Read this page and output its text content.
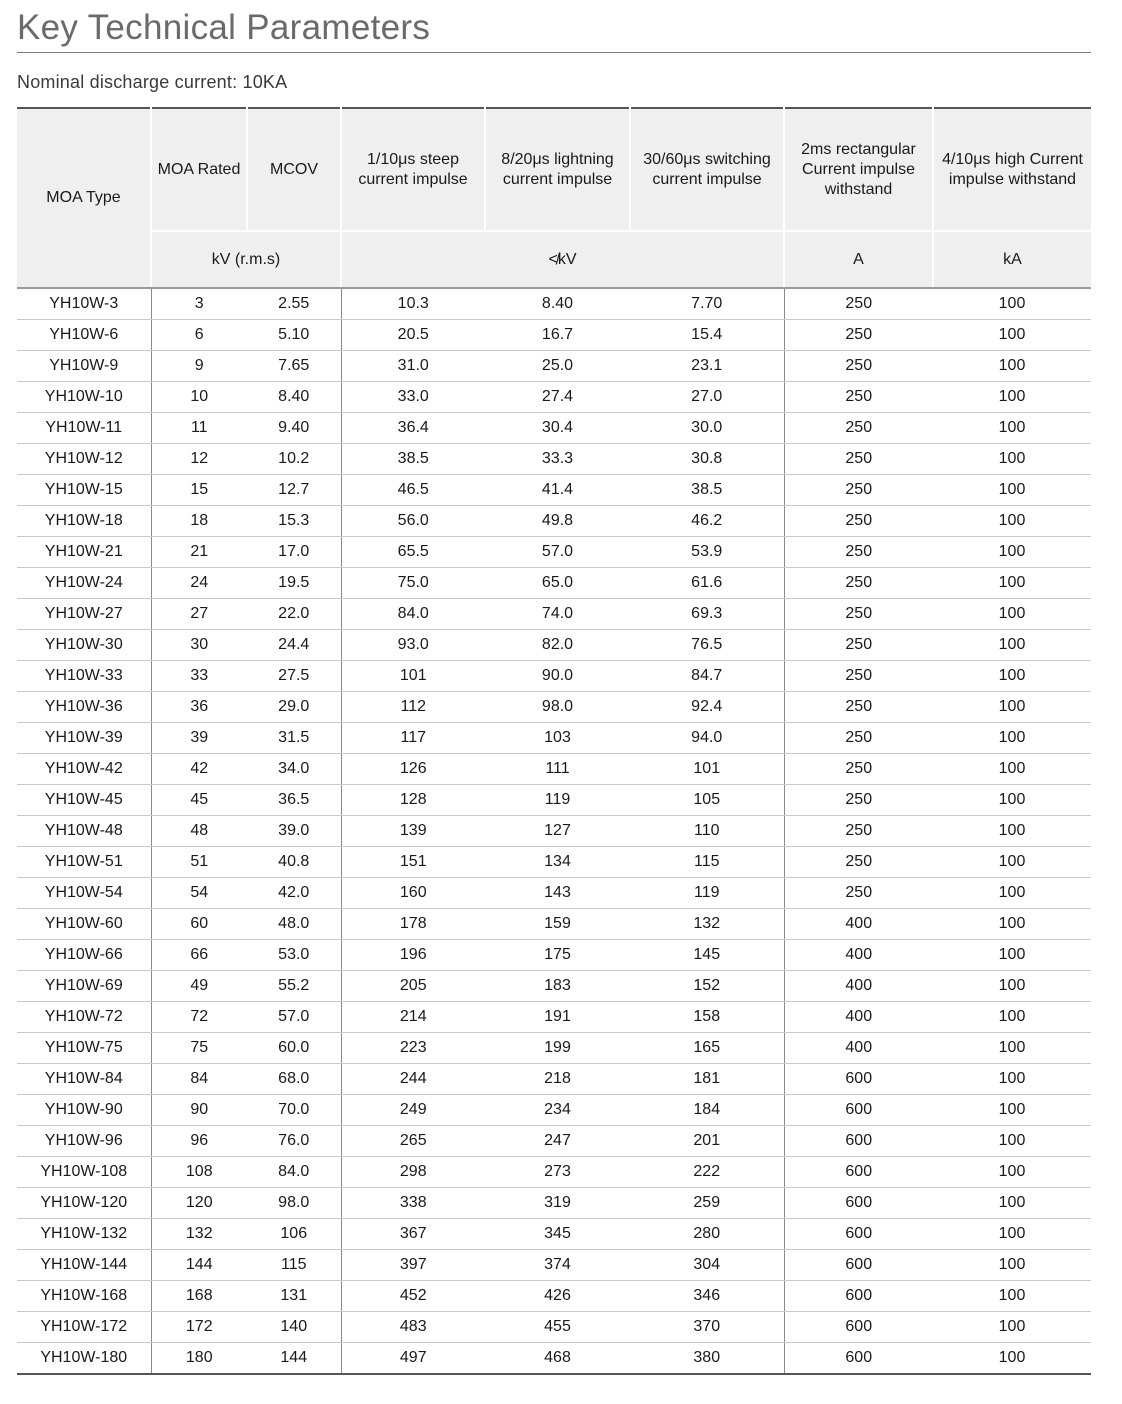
Key Technical Parameters
Nominal discharge current: 10KA
MOA Type	MOA Rated	MCOV	1/10μs steep current impulse	8/20μs lightning current impulse	30/60μs switching current impulse	2ms rectangular Current impulse withstand	4/10μs high Current impulse withstand
	kV (r.m.s)		≮kV			A	kA
YH10W-3	3	2.55	10.3	8.40	7.70	250	100
YH10W-6	6	5.10	20.5	16.7	15.4	250	100
YH10W-9	9	7.65	31.0	25.0	23.1	250	100
YH10W-10	10	8.40	33.0	27.4	27.0	250	100
YH10W-11	11	9.40	36.4	30.4	30.0	250	100
YH10W-12	12	10.2	38.5	33.3	30.8	250	100
YH10W-15	15	12.7	46.5	41.4	38.5	250	100
YH10W-18	18	15.3	56.0	49.8	46.2	250	100
YH10W-21	21	17.0	65.5	57.0	53.9	250	100
YH10W-24	24	19.5	75.0	65.0	61.6	250	100
YH10W-27	27	22.0	84.0	74.0	69.3	250	100
YH10W-30	30	24.4	93.0	82.0	76.5	250	100
YH10W-33	33	27.5	101	90.0	84.7	250	100
YH10W-36	36	29.0	112	98.0	92.4	250	100
YH10W-39	39	31.5	117	103	94.0	250	100
YH10W-42	42	34.0	126	111	101	250	100
YH10W-45	45	36.5	128	119	105	250	100
YH10W-48	48	39.0	139	127	110	250	100
YH10W-51	51	40.8	151	134	115	250	100
YH10W-54	54	42.0	160	143	119	250	100
YH10W-60	60	48.0	178	159	132	400	100
YH10W-66	66	53.0	196	175	145	400	100
YH10W-69	49	55.2	205	183	152	400	100
YH10W-72	72	57.0	214	191	158	400	100
YH10W-75	75	60.0	223	199	165	400	100
YH10W-84	84	68.0	244	218	181	600	100
YH10W-90	90	70.0	249	234	184	600	100
YH10W-96	96	76.0	265	247	201	600	100
YH10W-108	108	84.0	298	273	222	600	100
YH10W-120	120	98.0	338	319	259	600	100
YH10W-132	132	106	367	345	280	600	100
YH10W-144	144	115	397	374	304	600	100
YH10W-168	168	131	452	426	346	600	100
YH10W-172	172	140	483	455	370	600	100
YH10W-180	180	144	497	468	380	600	100
